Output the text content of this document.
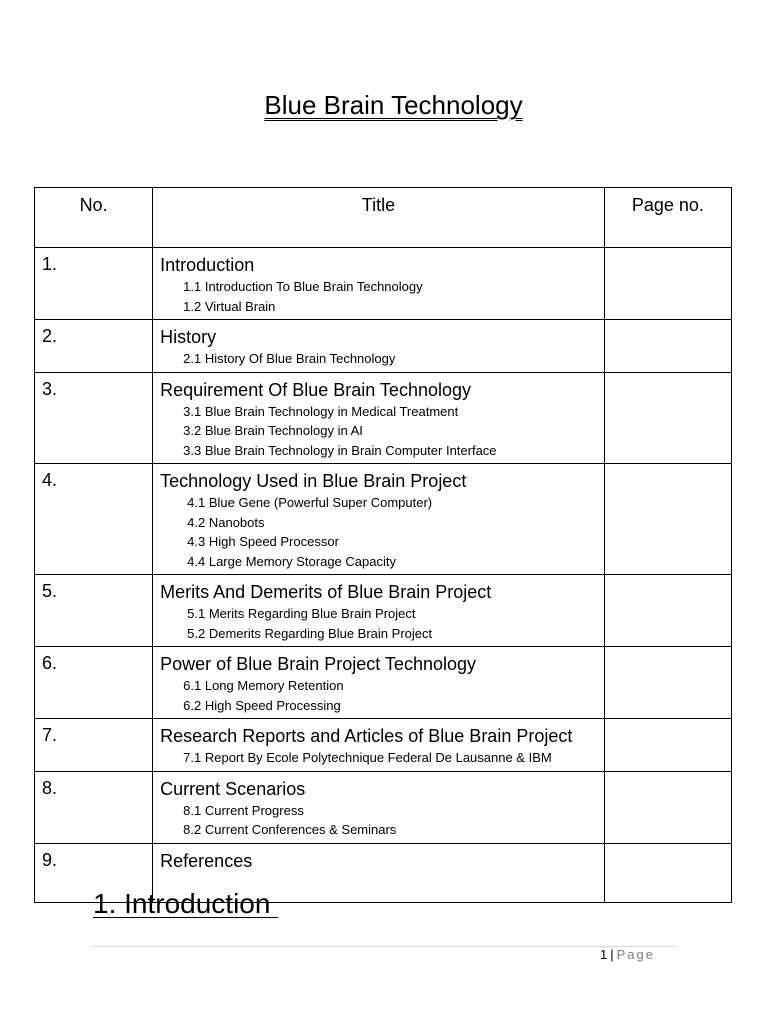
Blue Brain Technology
No.	Title	Page no.
1.	Introduction
1.1 Introduction To Blue Brain Technology
1.2 Virtual Brain	

2.	History
2.1 History Of Blue Brain Technology	

3.	Requirement Of Blue Brain Technology
3.1 Blue Brain Technology in Medical Treatment
3.2 Blue Brain Technology in AI
3.3 Blue Brain Technology in Brain Computer Interface	

4.	Technology Used in Blue Brain Project
4.1 Blue Gene (Powerful Super Computer)
4.2 Nanobots
4.3 High Speed Processor
4.4 Large Memory Storage Capacity	

5.	Merits And Demerits of Blue Brain Project
5.1 Merits Regarding Blue Brain Project
5.2 Demerits Regarding Blue Brain Project	

6.	Power of Blue Brain Project Technology
6.1 Long Memory Retention
6.2 High Speed Processing	

7.	Research Reports and Articles of Blue Brain Project
7.1 Report By Ecole Polytechnique Federal De Lausanne & IBM	

8.	Current Scenarios
8.1 Current Progress
8.2 Current Conferences & Seminars	

9.	References	

1. Introduction
1 | Page
